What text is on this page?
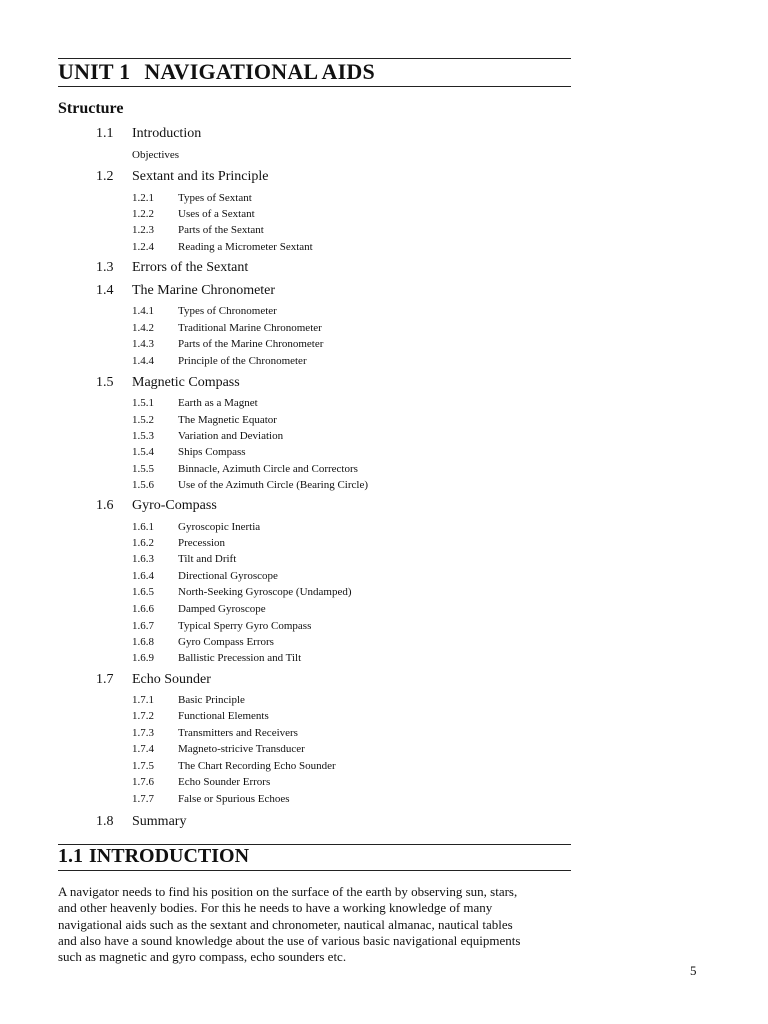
UNIT 1 NAVIGATIONAL AIDS
Structure
1.1 Introduction
Objectives
1.2 Sextant and its Principle
1.2.1 Types of Sextant
1.2.2 Uses of a Sextant
1.2.3 Parts of the Sextant
1.2.4 Reading a Micrometer Sextant
1.3 Errors of the Sextant
1.4 The Marine Chronometer
1.4.1 Types of Chronometer
1.4.2 Traditional Marine Chronometer
1.4.3 Parts of the Marine Chronometer
1.4.4 Principle of the Chronometer
1.5 Magnetic Compass
1.5.1 Earth as a Magnet
1.5.2 The Magnetic Equator
1.5.3 Variation and Deviation
1.5.4 Ships Compass
1.5.5 Binnacle, Azimuth Circle and Correctors
1.5.6 Use of the Azimuth Circle (Bearing Circle)
1.6 Gyro-Compass
1.6.1 Gyroscopic Inertia
1.6.2 Precession
1.6.3 Tilt and Drift
1.6.4 Directional Gyroscope
1.6.5 North-Seeking Gyroscope (Undamped)
1.6.6 Damped Gyroscope
1.6.7 Typical Sperry Gyro Compass
1.6.8 Gyro Compass Errors
1.6.9 Ballistic Precession and Tilt
1.7 Echo Sounder
1.7.1 Basic Principle
1.7.2 Functional Elements
1.7.3 Transmitters and Receivers
1.7.4 Magneto-stricive Transducer
1.7.5 The Chart Recording Echo Sounder
1.7.6 Echo Sounder Errors
1.7.7 False or Spurious Echoes
1.8 Summary
1.1 INTRODUCTION

A navigator needs to find his position on the surface of the earth by observing sun, stars,
and other heavenly bodies. For this he needs to have a working knowledge of many
navigational aids such as the sextant and chronometer, nautical almanac, nautical tables
and also have a sound knowledge about the use of various basic navigational equipments
such as magnetic and gyro compass, echo sounders etc.

5
